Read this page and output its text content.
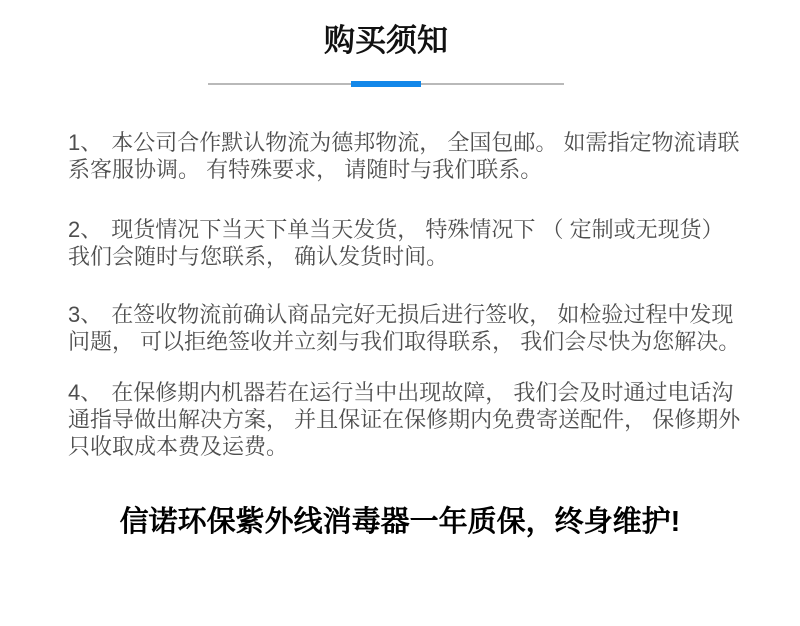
购买须知

1、 本公司合作默认物流为德邦物流， 全国包邮。 如需指定物流请联系客服协调。 有特殊要求， 请随时与我们联系。

2、 现货情况下当天下单当天发货， 特殊情况下 （ 定制或无现货） 我们会随时与您联系， 确认发货时间。

3、 在签收物流前确认商品完好无损后进行签收， 如检验过程中发现问题， 可以拒绝签收并立刻与我们取得联系， 我们会尽快为您解决。

4、 在保修期内机器若在运行当中出现故障， 我们会及时通过电话沟通指导做出解决方案， 并且保证在保修期内免费寄送配件， 保修期外只收取成本费及运费。

信诺环保紫外线消毒器一年质保，终身维护!
